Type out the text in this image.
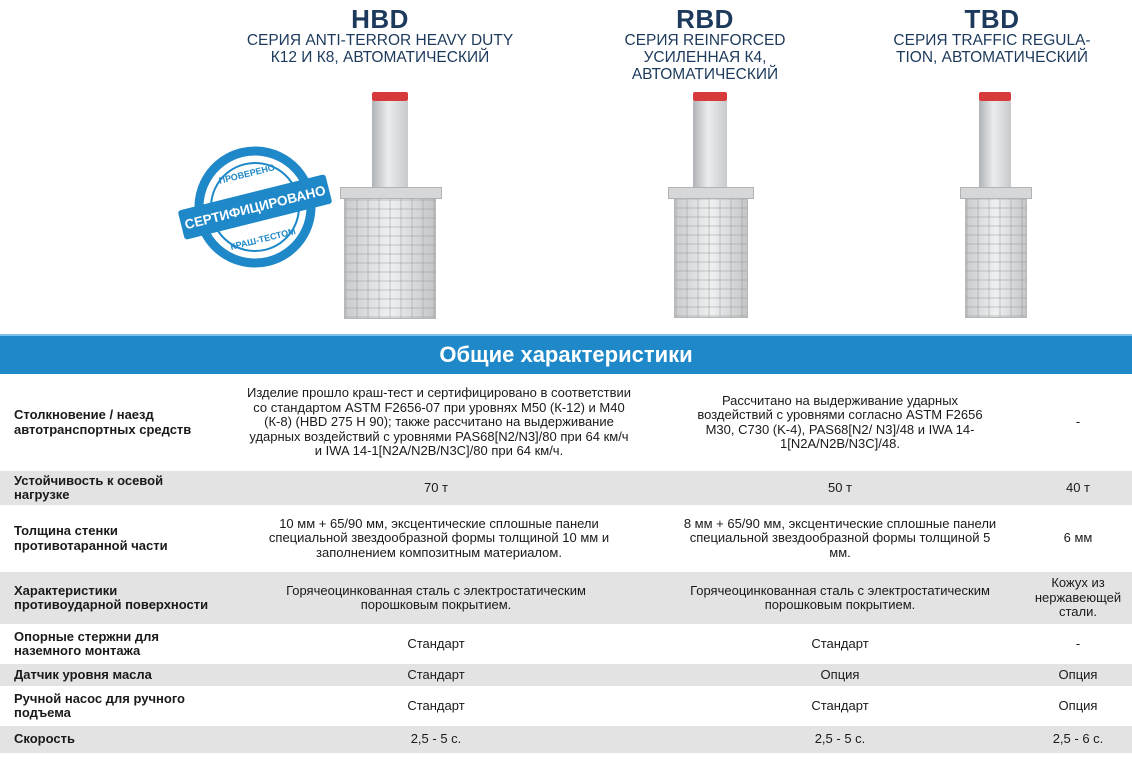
HBD
СЕРИЯ ANTI-TERROR HEAVY DUTY
К12 И К8, АВТОМАТИЧЕСКИЙ
RBD
СЕРИЯ REINFORCED
УСИЛЕННАЯ К4,
АВТОМАТИЧЕСКИЙ
TBD
СЕРИЯ TRAFFIC REGULA-
TION, АВТОМАТИЧЕСКИЙ
ПРОВЕРЕНО
СЕРТИФИЦИРОВАНО
КРАШ-ТЕСТОМ
Общие характеристики
Столкновение / наезд автотранспортных средств	Изделие прошло краш-тест и сертифицировано в соответствии со стандартом ASTM F2656-07 при уровнях М50 (К-12) и М40 (К-8) (HBD 275 Н 90); также рассчитано на выдерживание ударных воздействий с уровнями PAS68[N2/N3]/80 при 64 км/ч и IWA 14-1[N2A/N2B/N3C]/80 при 64 км/ч.	Рассчитано на выдерживание ударных воздействий с уровнями согласно ASTM F2656 M30, C730 (K-4), PAS68[N2/ N3]/48 и IWA 14-1[N2A/N2B/N3C]/48.	-
Устойчивость к осевой нагрузке	70 т	50 т	40 т
Толщина стенки противотаранной части	10 мм + 65/90 мм, эксцентические сплошные панели специальной звездообразной формы толщиной 10 мм и заполнением композитным материалом.	8 мм + 65/90 мм, эксцентические сплошные панели специальной звездообразной формы толщиной 5 мм.	6 мм
Характеристики противоударной поверхности	Горячеоцинкованная сталь с электростатическим порошковым покрытием.	Горячеоцинкованная сталь с электростатическим порошковым покрытием.	Кожух из нержавеющей стали.
Опорные стержни для наземного монтажа	Стандарт	Стандарт	-
Датчик уровня масла	Стандарт	Опция	Опция
Ручной насос для ручного подъема	Стандарт	Стандарт	Опция
Скорость	2,5 - 5 с.	2,5 - 5 с.	2,5 - 6 с.
